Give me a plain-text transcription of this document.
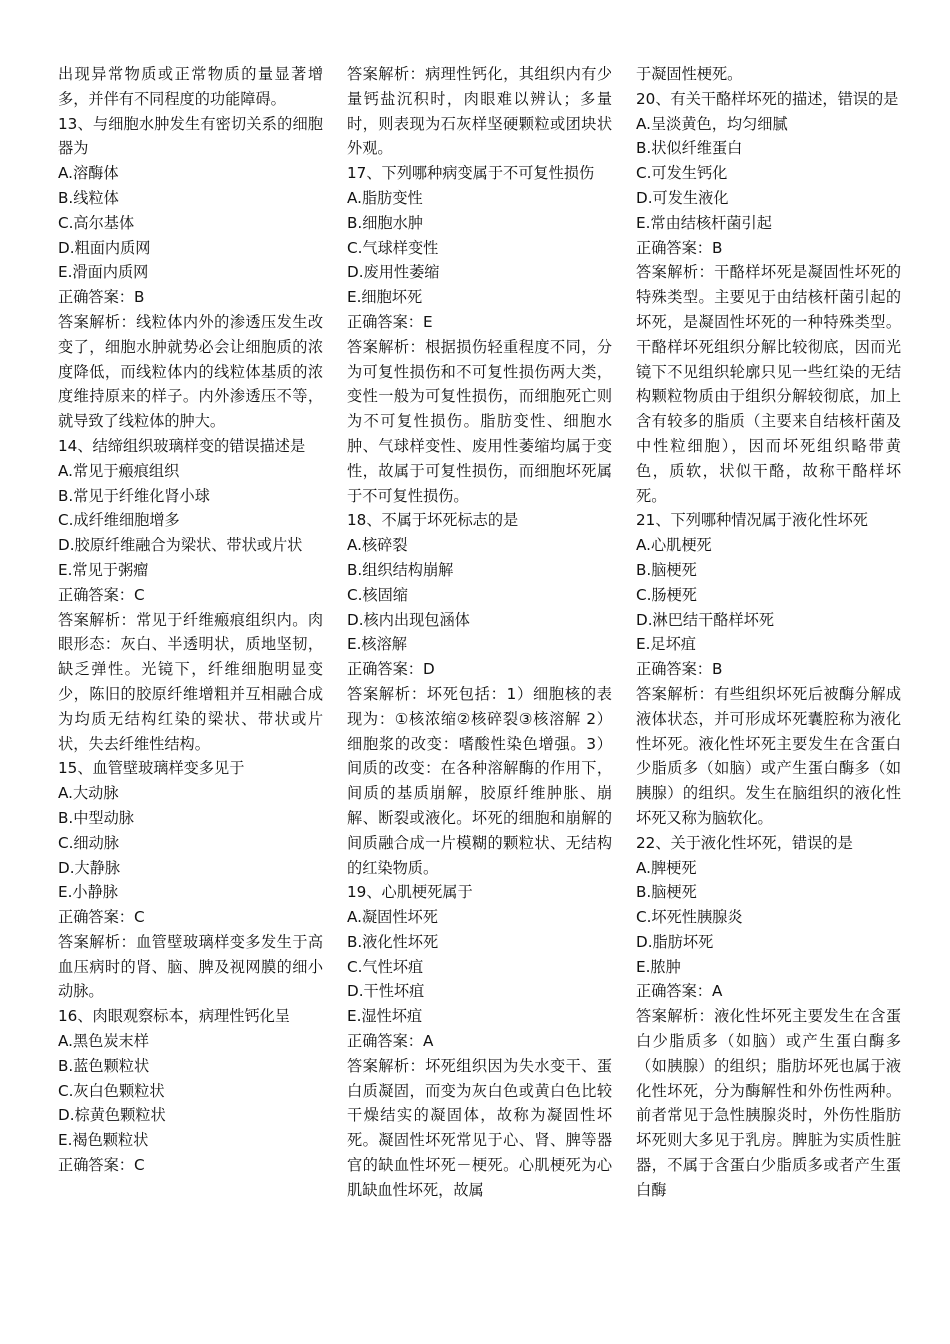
出现异常物质或正常物质的量显著增多，并伴有不同程度的功能障碍。
13、与细胞水肿发生有密切关系的细胞器为
A.溶酶体
B.线粒体
C.高尔基体
D.粗面内质网
E.滑面内质网
正确答案：B
答案解析：线粒体内外的渗透压发生改变了，细胞水肿就势必会让细胞质的浓度降低，而线粒体内的线粒体基质的浓度维持原来的样子。内外渗透压不等，就导致了线粒体的肿大。
14、结缔组织玻璃样变的错误描述是
A.常见于瘢痕组织
B.常见于纤维化肾小球
C.成纤维细胞增多
D.胶原纤维融合为梁状、带状或片状
E.常见于粥瘤
正确答案：C
答案解析：常见于纤维瘢痕组织内。肉眼形态：灰白、半透明状，质地坚韧，缺乏弹性。光镜下，纤维细胞明显变少，陈旧的胶原纤维增粗并互相融合成为均质无结构红染的梁状、带状或片状，失去纤维性结构。
15、血管壁玻璃样变多见于
A.大动脉
B.中型动脉
C.细动脉
D.大静脉
E.小静脉
正确答案：C
答案解析：血管壁玻璃样变多发生于高血压病时的肾、脑、脾及视网膜的细小动脉。
16、肉眼观察标本，病理性钙化呈
A.黑色炭末样
B.蓝色颗粒状
C.灰白色颗粒状
D.棕黄色颗粒状
E.褐色颗粒状
正确答案：C
答案解析：病理性钙化，其组织内有少量钙盐沉积时，肉眼难以辨认；多量时，则表现为石灰样坚硬颗粒或团块状外观。
17、下列哪种病变属于不可复性损伤
A.脂肪变性
B.细胞水肿
C.气球样变性
D.废用性萎缩
E.细胞坏死
正确答案：E
答案解析：根据损伤轻重程度不同，分为可复性损伤和不可复性损伤两大类，变性一般为可复性损伤，而细胞死亡则为不可复性损伤。脂肪变性、细胞水肿、气球样变性、废用性萎缩均属于变性，故属于可复性损伤，而细胞坏死属于不可复性损伤。
18、不属于坏死标志的是
A.核碎裂
B.组织结构崩解
C.核固缩
D.核内出现包涵体
E.核溶解
正确答案：D
答案解析：坏死包括：1）细胞核的表现为：①核浓缩②核碎裂③核溶解 2）细胞浆的改变：嗜酸性染色增强。3）间质的改变：在各种溶解酶的作用下，间质的基质崩解，胶原纤维肿胀、崩解、断裂或液化。坏死的细胞和崩解的间质融合成一片模糊的颗粒状、无结构的红染物质。
19、心肌梗死属于
A.凝固性坏死
B.液化性坏死
C.气性坏疽
D.干性坏疽
E.湿性坏疽
正确答案：A
答案解析：坏死组织因为失水变干、蛋白质凝固，而变为灰白色或黄白色比较干燥结实的凝固体，故称为凝固性坏死。凝固性坏死常见于心、肾、脾等器官的缺血性坏死－梗死。心肌梗死为心肌缺血性坏死，故属
于凝固性梗死。
20、有关干酪样坏死的描述，错误的是
A.呈淡黄色，均匀细腻
B.状似纤维蛋白
C.可发生钙化
D.可发生液化
E.常由结核杆菌引起
正确答案：B
答案解析：干酪样坏死是凝固性坏死的特殊类型。主要见于由结核杆菌引起的坏死，是凝固性坏死的一种特殊类型。干酪样坏死组织分解比较彻底，因而光镜下不见组织轮廓只见一些红染的无结构颗粒物质由于组织分解较彻底，加上含有较多的脂质（主要来自结核杆菌及中性粒细胞），因而坏死组织略带黄色，质软，状似干酪，故称干酪样坏死。
21、下列哪种情况属于液化性坏死
A.心肌梗死
B.脑梗死
C.肠梗死
D.淋巴结干酪样坏死
E.足坏疽
正确答案：B
答案解析：有些组织坏死后被酶分解成液体状态，并可形成坏死囊腔称为液化性坏死。液化性坏死主要发生在含蛋白少脂质多（如脑）或产生蛋白酶多（如胰腺）的组织。发生在脑组织的液化性坏死又称为脑软化。
22、关于液化性坏死，错误的是
A.脾梗死
B.脑梗死
C.坏死性胰腺炎
D.脂肪坏死
E.脓肿
正确答案：A
答案解析：液化性坏死主要发生在含蛋白少脂质多（如脑）或产生蛋白酶多（如胰腺）的组织；脂肪坏死也属于液化性坏死，分为酶解性和外伤性两种。前者常见于急性胰腺炎时，外伤性脂肪坏死则大多见于乳房。脾脏为实质性脏器，不属于含蛋白少脂质多或者产生蛋白酶
